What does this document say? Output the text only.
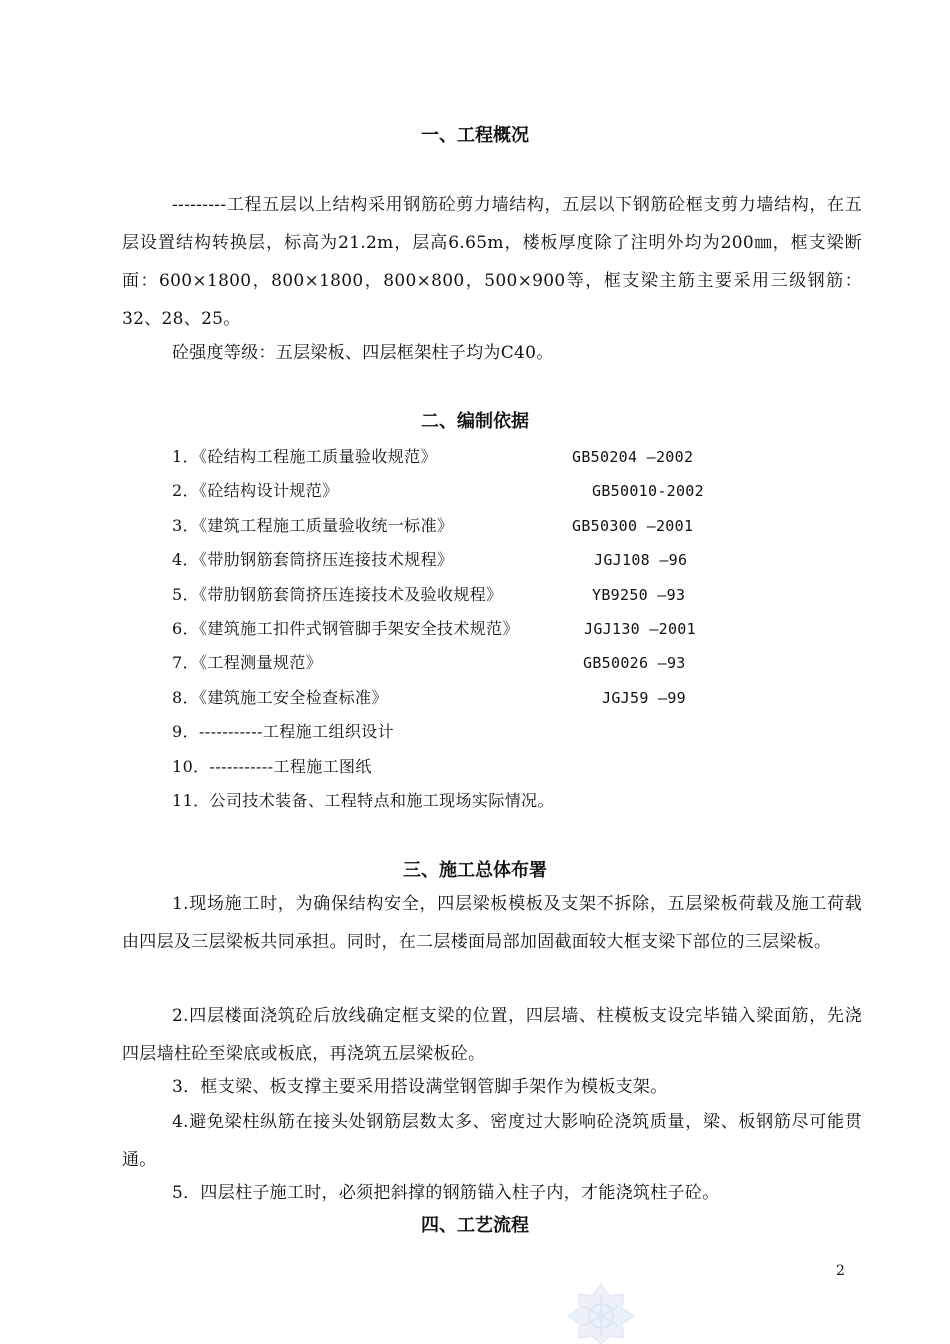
一、工程概况
---------工程五层以上结构采用钢筋砼剪力墙结构，五层以下钢筋砼框支剪力墙结构，在五层设置结构转换层，标高为21.2m，层高6.65m，楼板厚度除了注明外均为200㎜，框支梁断面：600×1800，800×1800，800×800，500×900等，框支梁主筋主要采用三级钢筋：32、28、25。
砼强度等级：五层梁板、四层框架柱子均为C40。
二、编制依据
1．《砼结构工程施工质量验收规范》	GB50204 —2002
2．《砼结构设计规范》	GB50010-2002
3．《建筑工程施工质量验收统一标准》	GB50300 —2001
4．《带肋钢筋套筒挤压连接技术规程》	JGJ108 —96
5．《带肋钢筋套筒挤压连接技术及验收规程》	YB9250 —93
6．《建筑施工扣件式钢管脚手架安全技术规范》	JGJ130 —2001
7．《工程测量规范》	GB50026 —93
8．《建筑施工安全检查标准》	JGJ59 —99
9．-----------工程施工组织设计
10．-----------工程施工图纸
11．公司技术装备、工程特点和施工现场实际情况。
三、施工总体布署
1.现场施工时，为确保结构安全，四层梁板模板及支架不拆除，五层梁板荷载及施工荷载由四层及三层梁板共同承担。同时，在二层楼面局部加固截面较大框支梁下部位的三层梁板。
2.四层楼面浇筑砼后放线确定框支梁的位置，四层墙、柱模板支设完毕锚入梁面筋，先浇四层墙柱砼至梁底或板底，再浇筑五层梁板砼。
3．框支梁、板支撑主要采用搭设满堂钢管脚手架作为模板支架。
4.避免梁柱纵筋在接头处钢筋层数太多、密度过大影响砼浇筑质量，梁、板钢筋尽可能贯通。
5．四层柱子施工时，必须把斜撑的钢筋锚入柱子内，才能浇筑柱子砼。
四、工艺流程
2
